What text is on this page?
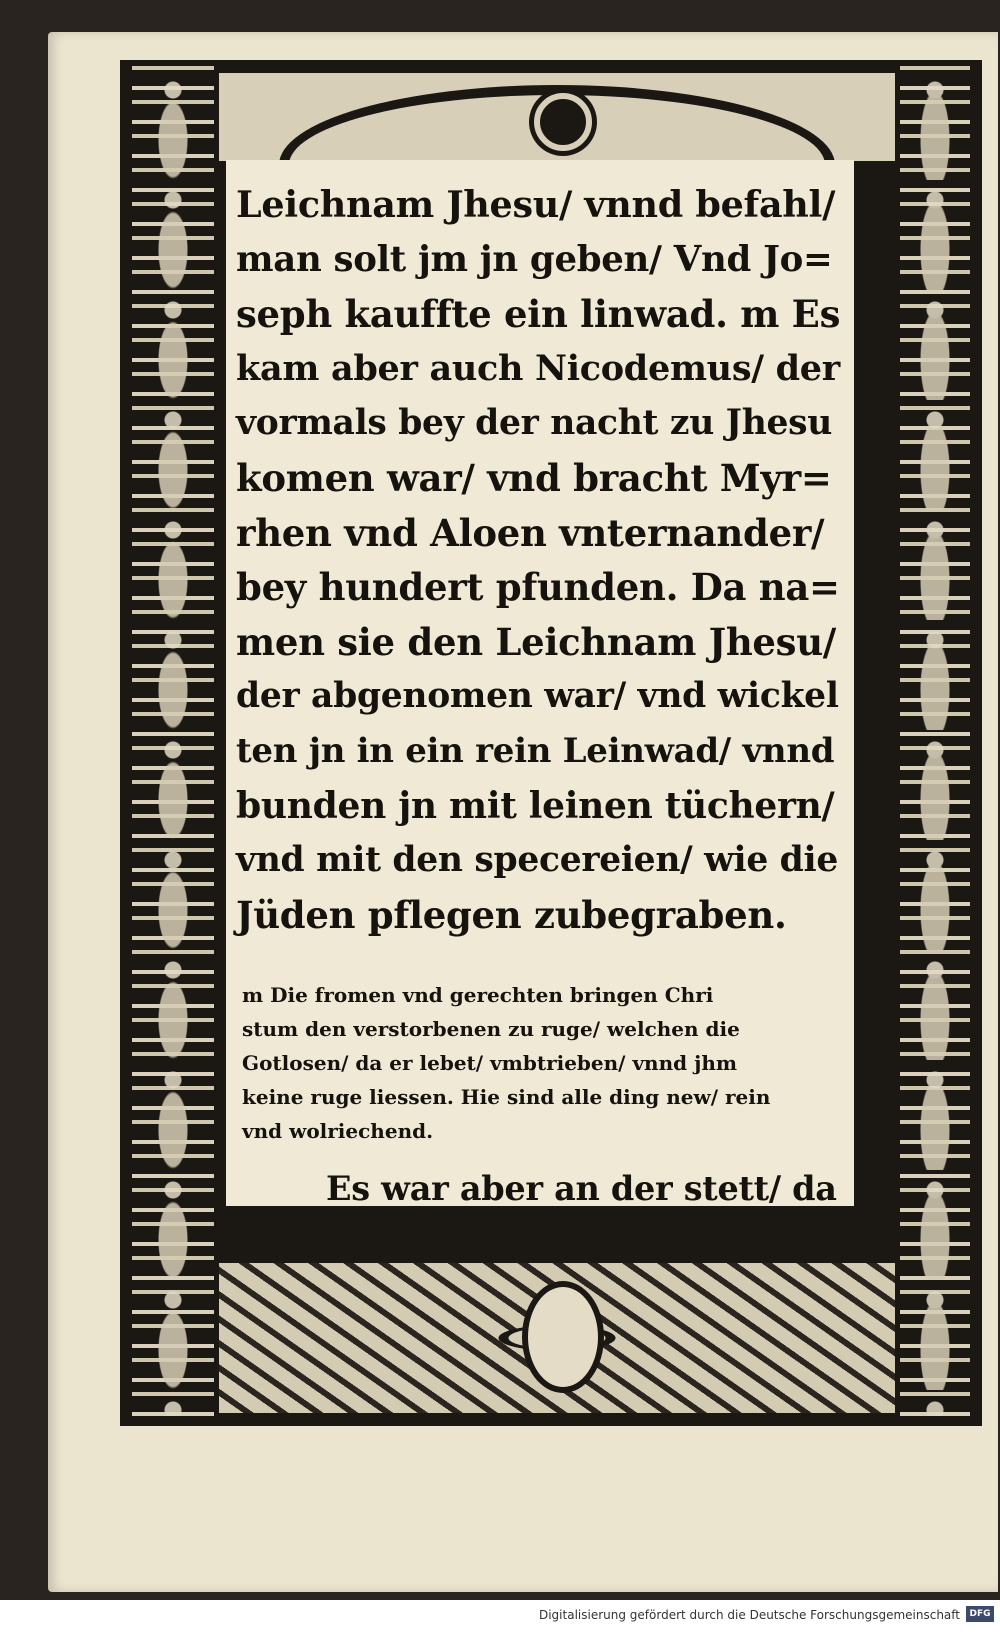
Leichnam Jhesu/ vnnd befahl/
man solt jm jn geben/ Vnd Jo=
seph kauffte ein linwad. m Es
kam aber auch Nicodemus/ der
vormals bey der nacht zu Jhesu
komen war/ vnd bracht Myr=
rhen vnd Aloen vnternander/
bey hundert pfunden. Da na=
men sie den Leichnam Jhesu/
der abgenomen war/ vnd wickel
ten jn in ein rein Leinwad/ vnnd
bunden jn mit leinen tüchern/
vnd mit den specereien/ wie die
Jüden pflegen zubegraben.
m Die fromen vnd gerechten bringen Chri
stum den verstorbenen zu ruge/ welchen die
Gotlosen/ da er lebet/ vmbtrieben/ vnnd jhm
keine ruge liessen. Hie sind alle ding new/ rein
vnd wolriechend.
Es war aber an der stett/ da
Digitalisierung gefördert durch die Deutsche Forschungsgemeinschaft	DFG
